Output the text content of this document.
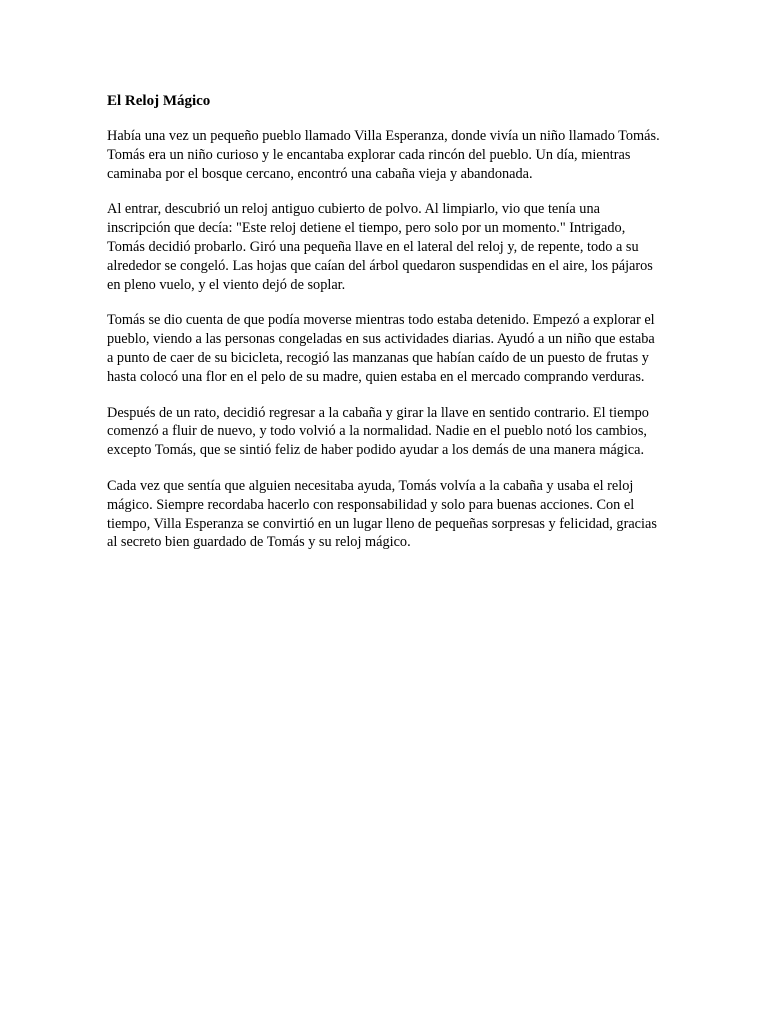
El Reloj Mágico

Había una vez un pequeño pueblo llamado Villa Esperanza, donde vivía un niño llamado Tomás. Tomás era un niño curioso y le encantaba explorar cada rincón del pueblo. Un día, mientras caminaba por el bosque cercano, encontró una cabaña vieja y abandonada.

Al entrar, descubrió un reloj antiguo cubierto de polvo. Al limpiarlo, vio que tenía una inscripción que decía: "Este reloj detiene el tiempo, pero solo por un momento." Intrigado, Tomás decidió probarlo. Giró una pequeña llave en el lateral del reloj y, de repente, todo a su alrededor se congeló. Las hojas que caían del árbol quedaron suspendidas en el aire, los pájaros en pleno vuelo, y el viento dejó de soplar.

Tomás se dio cuenta de que podía moverse mientras todo estaba detenido. Empezó a explorar el pueblo, viendo a las personas congeladas en sus actividades diarias. Ayudó a un niño que estaba a punto de caer de su bicicleta, recogió las manzanas que habían caído de un puesto de frutas y hasta colocó una flor en el pelo de su madre, quien estaba en el mercado comprando verduras.

Después de un rato, decidió regresar a la cabaña y girar la llave en sentido contrario. El tiempo comenzó a fluir de nuevo, y todo volvió a la normalidad. Nadie en el pueblo notó los cambios, excepto Tomás, que se sintió feliz de haber podido ayudar a los demás de una manera mágica.

Cada vez que sentía que alguien necesitaba ayuda, Tomás volvía a la cabaña y usaba el reloj mágico. Siempre recordaba hacerlo con responsabilidad y solo para buenas acciones. Con el tiempo, Villa Esperanza se convirtió en un lugar lleno de pequeñas sorpresas y felicidad, gracias al secreto bien guardado de Tomás y su reloj mágico.
